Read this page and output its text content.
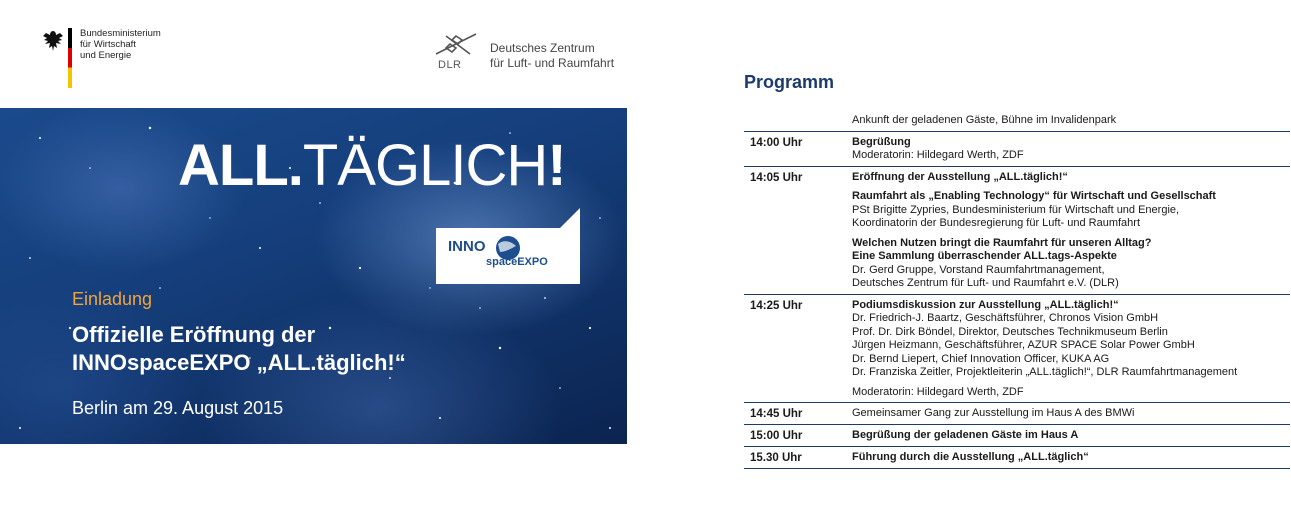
Bundesministerium
für Wirtschaft
und Energie
DLR
Deutsches Zentrum
für Luft- und Raumfahrt
ALL.TÄGLICH!
INNO
spaceEXPO
Einladung
Offizielle Eröffnung der
INNOspaceEXPO „ALL.täglich!“
Berlin am 29. August 2015
Programm
Ankunft der geladenen Gäste, Bühne im Invalidenpark
14:00 Uhr	Begrüßung
Moderatorin: Hildegard Werth, ZDF
14:05 Uhr	Eröffnung der Ausstellung „ALL.täglich!“
Raumfahrt als „Enabling Technology“ für Wirtschaft und Gesellschaft
PSt Brigitte Zypries, Bundesministerium für Wirtschaft und Energie,
Koordinatorin der Bundesregierung für Luft- und Raumfahrt
Welchen Nutzen bringt die Raumfahrt für unseren Alltag?
Eine Sammlung überraschender ALL.tags-Aspekte
Dr. Gerd Gruppe, Vorstand Raumfahrtmanagement,
Deutsches Zentrum für Luft- und Raumfahrt e.V. (DLR)
14:25 Uhr	Podiumsdiskussion zur Ausstellung „ALL.täglich!“
Dr. Friedrich-J. Baartz, Geschäftsführer, Chronos Vision GmbH
Prof. Dr. Dirk Böndel, Direktor, Deutsches Technikmuseum Berlin
Jürgen Heizmann, Geschäftsführer, AZUR SPACE Solar Power GmbH
Dr. Bernd Liepert, Chief Innovation Officer, KUKA AG
Dr. Franziska Zeitler, Projektleiterin „ALL.täglich!“, DLR Raumfahrtmanagement
Moderatorin: Hildegard Werth, ZDF
14:45 Uhr	Gemeinsamer Gang zur Ausstellung im Haus A des BMWi
15:00 Uhr	Begrüßung der geladenen Gäste im Haus A
15.30 Uhr	Führung durch die Ausstellung „ALL.täglich“
